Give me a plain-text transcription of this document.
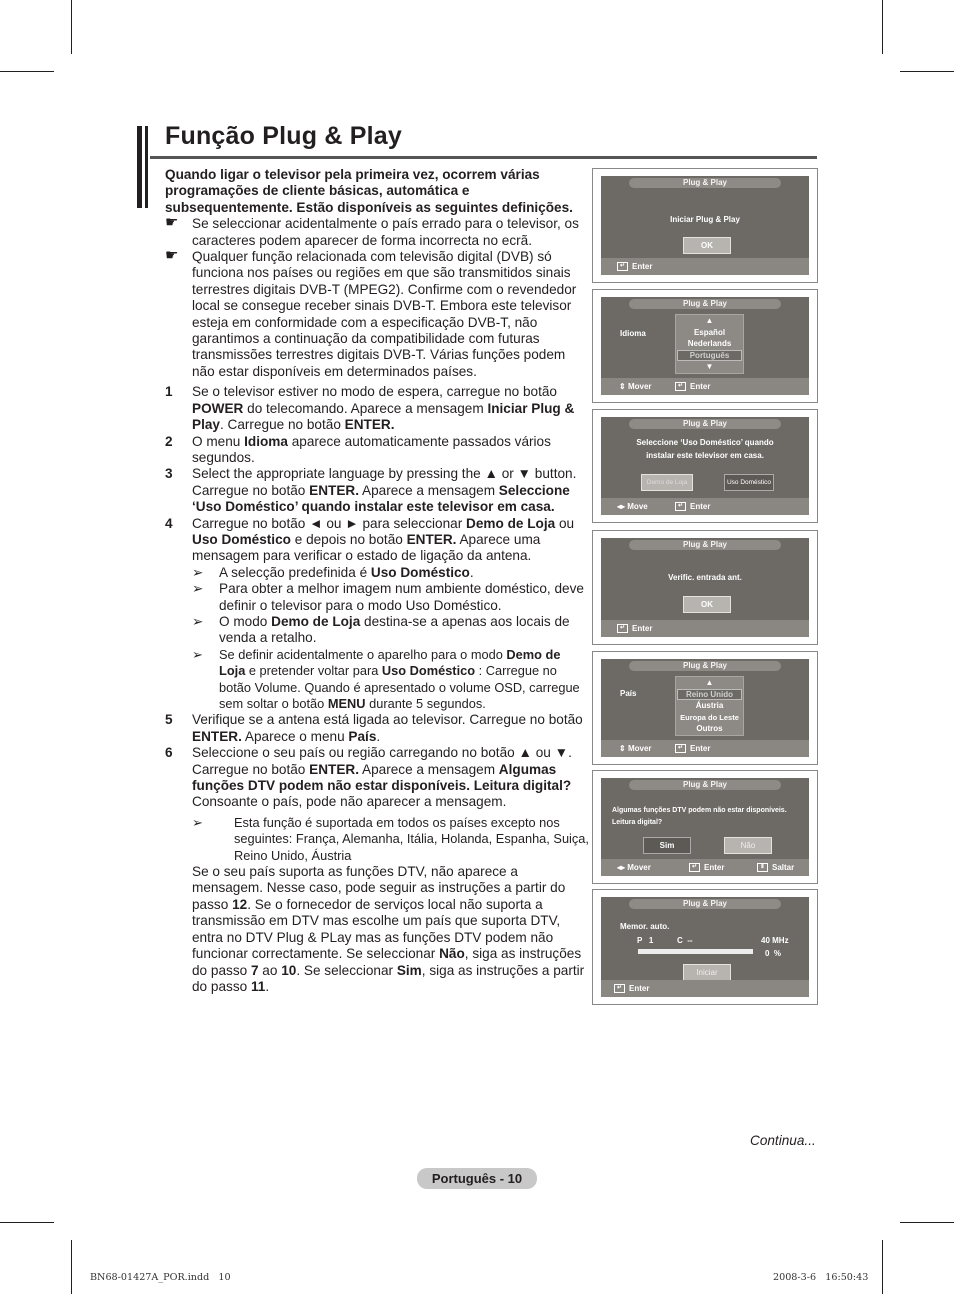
Função Plug & Play

Quando ligar o televisor pela primeira vez, ocorrem várias programações de cliente básicas, automática e subsequentemente. Estão disponíveis as seguintes definições.

☛ Se seleccionar acidentalmente o país errado para o televisor, os caracteres podem aparecer de forma incorrecta no ecrã.

☛ Qualquer função relacionada com televisão digital (DVB) só funciona nos países ou regiões em que são transmitidos sinais terrestres digitais DVB-T (MPEG2). Confirme com o revendedor local se consegue receber sinais DVB-T. Embora este televisor esteja em conformidade com a especificação DVB-T, não garantimos a continuação da compatibilidade com futuras transmissões terrestres digitais DVB-T. Várias funções podem não estar disponíveis em determinados países.

1 Se o televisor estiver no modo de espera, carregue no botão POWER do telecomando. Aparece a mensagem Iniciar Plug & Play. Carregue no botão ENTER.

2 O menu Idioma aparece automaticamente passados vários segundos.

3 Select the appropriate language by pressing the ▲ or ▼ button. Carregue no botão ENTER. Aparece a mensagem Seleccione ‘Uso Doméstico’ quando instalar este televisor em casa.

4 Carregue no botão ◄ ou ► para seleccionar Demo de Loja ou Uso Doméstico e depois no botão ENTER. Aparece uma mensagem para verificar o estado de ligação da antena.

➢ A selecção predefinida é Uso Doméstico.

➢ Para obter a melhor imagem num ambiente doméstico, deve definir o televisor para o modo Uso Doméstico.

➢ O modo Demo de Loja destina-se a apenas aos locais de venda a retalho.

➢ Se definir acidentalmente o aparelho para o modo Demo de Loja e pretender voltar para Uso Doméstico : Carregue no botão Volume. Quando é apresentado o volume OSD, carregue sem soltar o botão MENU durante 5 segundos.

5 Verifique se a antena está ligada ao televisor. Carregue no botão ENTER. Aparece o menu País.

6 Seleccione o seu país ou região carregando no botão ▲ ou ▼. Carregue no botão ENTER. Aparece a mensagem Algumas funções DTV podem não estar disponíveis. Leitura digital? Consoante o país, pode não aparecer a mensagem.

➢ Esta função é suportada em todos os países excepto nos seguintes: França, Alemanha, Itália, Holanda, Espanha, Suiça, Reino Unido, Áustria

Se o seu país suporta as funções DTV, não aparece a mensagem. Nesse caso, pode seguir as instruções a partir do passo 12. Se o fornecedor de serviços local não suporta a transmissão em DTV mas escolhe um país que suporta DTV, entra no DTV Plug & PLay mas as funções DTV podem não funcionar correctamente. Se seleccionar Não, siga as instruções do passo 7 ao 10. Se seleccionar Sim, siga as instruções a partir do passo 11.

Plug & Play
Iniciar Plug & Play
OK
↵ Enter
Plug & Play
Idioma
▲
Español
Nederlands
Português
▼
⇕ Mover	↵ Enter
Plug & Play
Seleccione ‘Uso Doméstico’ quando
instalar este televisor em casa.
Demo de Loja	Uso Doméstico
◂▸ Move	↵ Enter
Plug & Play
Verific. entrada ant.
OK
↵ Enter
Plug & Play
País
▲
Reino Unido
Áustria
Europa do Leste
Outros
⇕ Mover	↵ Enter
Plug & Play
Algumas funções DTV podem não estar disponíveis.
Leitura digital?
Sim	Não
◂▸ Mover	↵ Enter	⦀ Saltar
Plug & Play
Memor. auto.
P   1	C  --	40 MHz
0  %
Iniciar
↵ Enter
Continua...
Português - 10
BN68-01427A_POR.indd   10	2008-3-6   16:50:43
